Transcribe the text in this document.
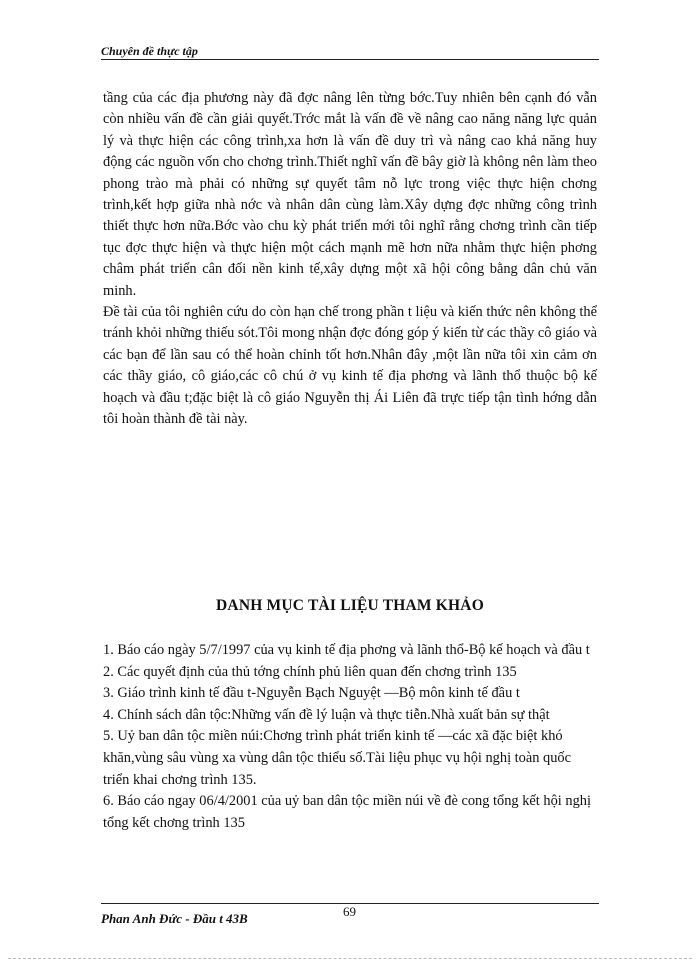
Chuyên đề thực tập

tầng của các địa phương này đã đợc nâng lên từng bớc.Tuy nhiên bên cạnh đó vẫn còn nhiều vấn đề cần giải quyết.Trớc mắt là vấn đề về nâng cao năng năng lực quản lý và thực hiện các công trình,xa hơn là vấn đề duy trì và nâng cao khả năng huy động các nguồn vốn cho chơng trình.Thiết nghĩ vấn đề bây giờ là không nên làm theo phong trào mà phải có những sự quyết tâm nỗ lực trong việc thực hiện chơng trình,kết hợp giữa nhà nớc và nhân dân cùng làm.Xây dựng đợc những công trình thiết thực hơn nữa.Bớc vào chu kỳ phát triển mới tôi nghĩ rằng chơng trình cần tiếp tục đợc thực hiện và thực hiện một cách mạnh mẽ hơn nữa nhằm thực hiện phơng châm phát triển cân đối nền kinh tế,xây dựng một xã hội công bằng dân chủ văn minh.

Đề tài của tôi nghiên cứu do còn hạn chế trong phần t liệu và kiến thức nên không thể tránh khỏi những thiếu sót.Tôi mong nhận đợc đóng góp ý kiến từ các thầy cô giáo và các bạn để lần sau có thể hoàn chỉnh tốt hơn.Nhân đây ,một lần nữa tôi xin cảm ơn các thầy giáo, cô giáo,các cô chú ở vụ kinh tế địa phơng và lãnh thổ thuộc bộ kế hoạch và đầu t;đặc biệt là cô giáo Nguyễn thị Ái Liên đã trực tiếp tận tình hớng dẫn tôi hoàn thành đề tài này.

DANH MỤC TÀI LIỆU THAM KHẢO

1. Báo cáo ngày 5/7/1997 của vụ kinh tế địa phơng và lãnh thổ-Bộ kế hoạch và đầu t

2. Các quyết định của thủ tớng chính phủ liên quan đến chơng trình 135

3. Giáo trình kinh tế đầu t-Nguyễn Bạch Nguyệt —Bộ môn kinh tế đầu t

4. Chính sách dân tộc:Những vấn đề lý luận và thực tiễn.Nhà xuất bản sự thật

5. Uỷ ban dân tộc miền núi:Chơng trình phát triển kinh tế —các xã đặc biệt khó khăn,vùng sâu vùng xa vùng dân tộc thiểu số.Tài liệu phục vụ hội nghị toàn quốc triển khai chơng trình 135.

6. Báo cáo ngay 06/4/2001 của uỷ ban dân tộc miền núi về đè cong tổng kết hội nghị tổng kết chơng trình 135

Phan Anh Đức - Đầu t 43B	69
